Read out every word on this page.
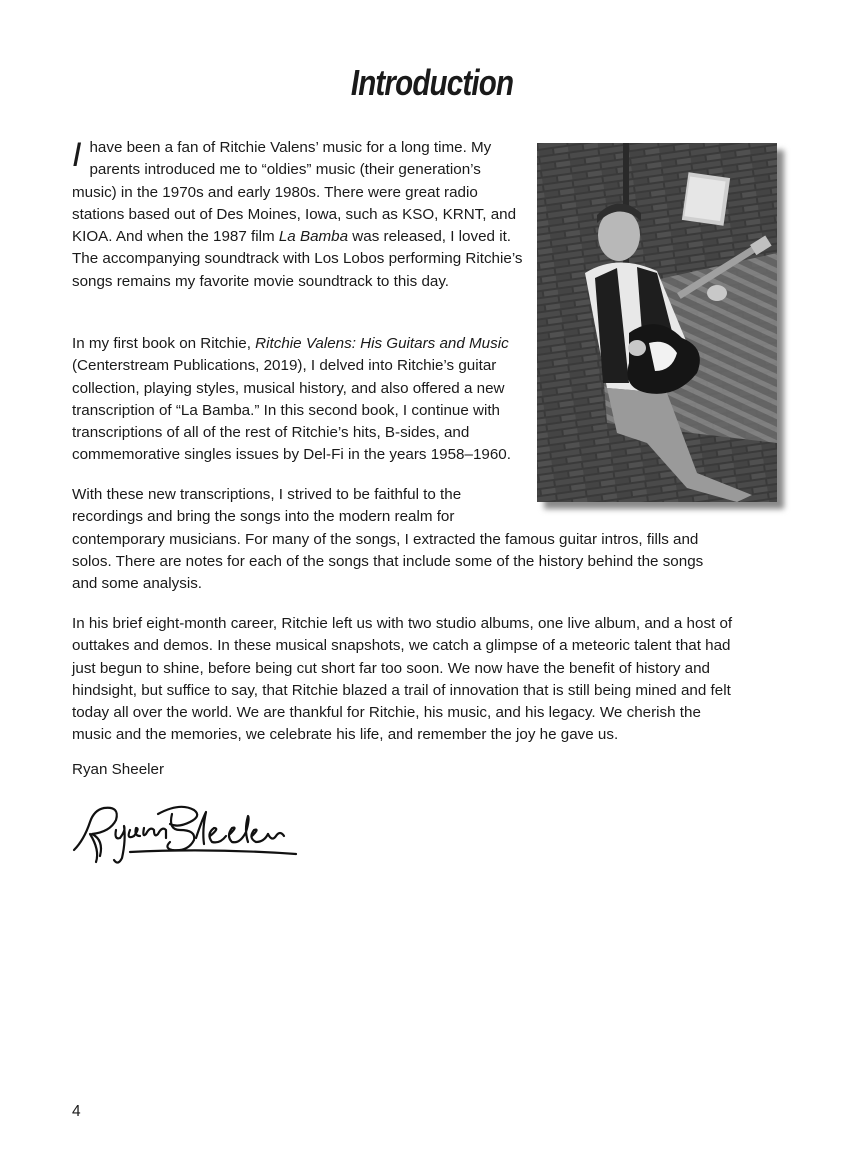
Introduction
Ihave been a fan of Ritchie Valens’ music for a long time. My parents introduced me to “oldies” music (their generation’s music) in the 1970s and early 1980s. There were great radio stations based out of Des Moines, Iowa, such as KSO, KRNT, and KIOA. And when the 1987 film La Bamba was released, I loved it. The accompanying soundtrack with Los Lobos performing Ritchie’s songs remains my favorite movie soundtrack to this day.
In my first book on Ritchie, Ritchie Valens: His Guitars and Music (Centerstream Publications, 2019), I delved into Ritchie’s guitar collection, playing styles, musical history, and also offered a new transcription of “La Bamba.” In this second book, I continue with transcriptions of all of the rest of Ritchie’s hits, B-sides, and commemorative singles issues by Del-Fi in the years 1958–1960.
With these new transcriptions, I strived to be faithful to the
recordings and bring the songs into the modern realm for
contemporary musicians. For many of the songs, I extracted the famous guitar intros, fills and solos. There are notes for each of the songs that include some of the history behind the songs and some analysis.
In his brief eight-month career, Ritchie left us with two studio albums, one live album, and a host of outtakes and demos. In these musical snapshots, we catch a glimpse of a meteoric talent that had just begun to shine, before being cut short far too soon. We now have the benefit of history and hindsight, but suffice to say, that Ritchie blazed a trail of innovation that is still being mined and felt today all over the world. We are thankful for Ritchie, his music, and his legacy. We cherish the music and the memories, we celebrate his life, and remember the joy he gave us.
Ryan Sheeler
4
